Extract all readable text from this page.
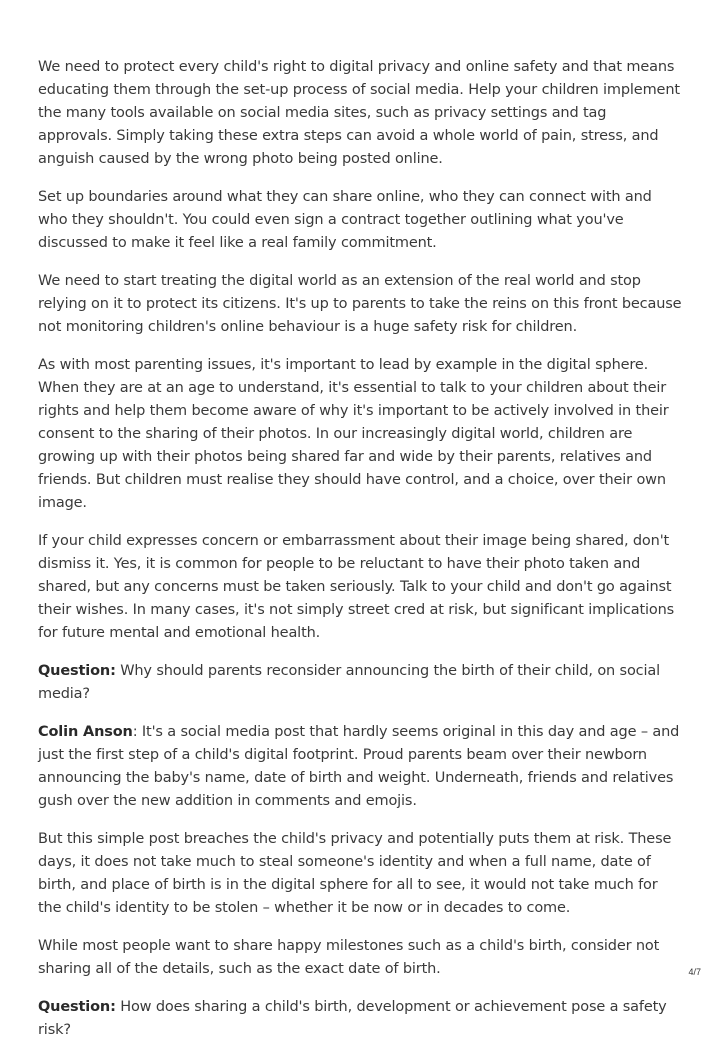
We need to protect every child's right to digital privacy and online safety and that means educating them through the set-up process of social media. Help your children implement the many tools available on social media sites, such as privacy settings and tag approvals. Simply taking these extra steps can avoid a whole world of pain, stress, and anguish caused by the wrong photo being posted online.

Set up boundaries around what they can share online, who they can connect with and who they shouldn't. You could even sign a contract together outlining what you've discussed to make it feel like a real family commitment.

We need to start treating the digital world as an extension of the real world and stop relying on it to protect its citizens. It's up to parents to take the reins on this front because not monitoring children's online behaviour is a huge safety risk for children.

As with most parenting issues, it's important to lead by example in the digital sphere. When they are at an age to understand, it's essential to talk to your children about their rights and help them become aware of why it's important to be actively involved in their consent to the sharing of their photos. In our increasingly digital world, children are growing up with their photos being shared far and wide by their parents, relatives and friends. But children must realise they should have control, and a choice, over their own image.

If your child expresses concern or embarrassment about their image being shared, don't dismiss it. Yes, it is common for people to be reluctant to have their photo taken and shared, but any concerns must be taken seriously. Talk to your child and don't go against their wishes. In many cases, it's not simply street cred at risk, but significant implications for future mental and emotional health.

Question: Why should parents reconsider announcing the birth of their child, on social media?

Colin Anson: It's a social media post that hardly seems original in this day and age – and just the first step of a child's digital footprint. Proud parents beam over their newborn announcing the baby's name, date of birth and weight. Underneath, friends and relatives gush over the new addition in comments and emojis.

But this simple post breaches the child's privacy and potentially puts them at risk. These days, it does not take much to steal someone's identity and when a full name, date of birth, and place of birth is in the digital sphere for all to see, it would not take much for the child's identity to be stolen – whether it be now or in decades to come.

While most people want to share happy milestones such as a child's birth, consider not sharing all of the details, such as the exact date of birth.

Question: How does sharing a child's birth, development or achievement pose a safety risk?

4/7
